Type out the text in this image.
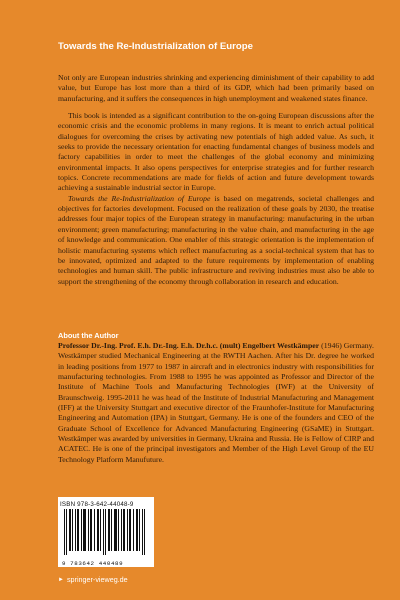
Towards the Re-Industrialization of Europe

Not only are European industries shrinking and experiencing diminishment of their capability to add value, but Europe has lost more than a third of its GDP, which had been primarily based on manufacturing, and it suffers the consequences in high unemployment and weakened states finance.

This book is intended as a significant contribution to the on-going European discussions after the economic crisis and the economic problems in many regions. It is meant to enrich actual political dialogues for overcoming the crises by activating new potentials of high added value. As such, it seeks to provide the necessary orientation for enacting fundamental changes of business models and factory capabilities in order to meet the challenges of the global economy and minimizing environmental impacts. It also opens perspectives for enterprise strategies and for further research topics. Concrete recommendations are made for fields of action and future development towards achieving a sustainable industrial sector in Europe.

Towards the Re-Industrialization of Europe is based on megatrends, societal challenges and objectives for factories development. Focused on the realization of these goals by 2030, the treatise addresses four major topics of the European strategy in manufacturing: manufacturing in the urban environment; green manufacturing; manufacturing in the value chain, and manufacturing in the age of knowledge and communication. One enabler of this strategic orientation is the implementation of holistic manufacturing systems which reflect manufacturing as a social-technical system that has to be innovated, optimized and adapted to the future requirements by implementation of enabling technologies and human skill. The public infrastructure and reviving industries must also be able to support the strengthening of the economy through collaboration in research and education.

About the Author

Professor Dr.-Ing. Prof. E.h. Dr.-Ing. E.h. Dr.h.c. (mult) Engelbert Westkämper (1946) Germany. Westkämper studied Mechanical Engineering at the RWTH Aachen. After his Dr. degree he worked in leading positions from 1977 to 1987 in aircraft and in electronics industry with responsibilities for manufacturing technologies. From 1988 to 1995 he was appointed as Professor and Director of the Institute of Machine Tools and Manufacturing Technologies (IWF) at the University of Braunschweig. 1995-2011 he was head of the Institute of Industrial Manufacturing and Management (IFF) at the University Stuttgart and executive director of the Fraunhofer-Institute for Manufacturing Engineering and Automation (IPA) in Stuttgart, Germany. He is one of the founders and CEO of the Graduate School of Excellence for Advanced Manufacturing Engineering (GSaME) in Stuttgart. Westkämper was awarded by universities in Germany, Ukraina and Russia. He is Fellow of CIRP and ACATEC. He is one of the principal investigators and Member of the High Level Group of the EU Technology Platform Manufuture.

ISBN 978-3-642-44048-9
9 783642 440489
► springer-vieweg.de
